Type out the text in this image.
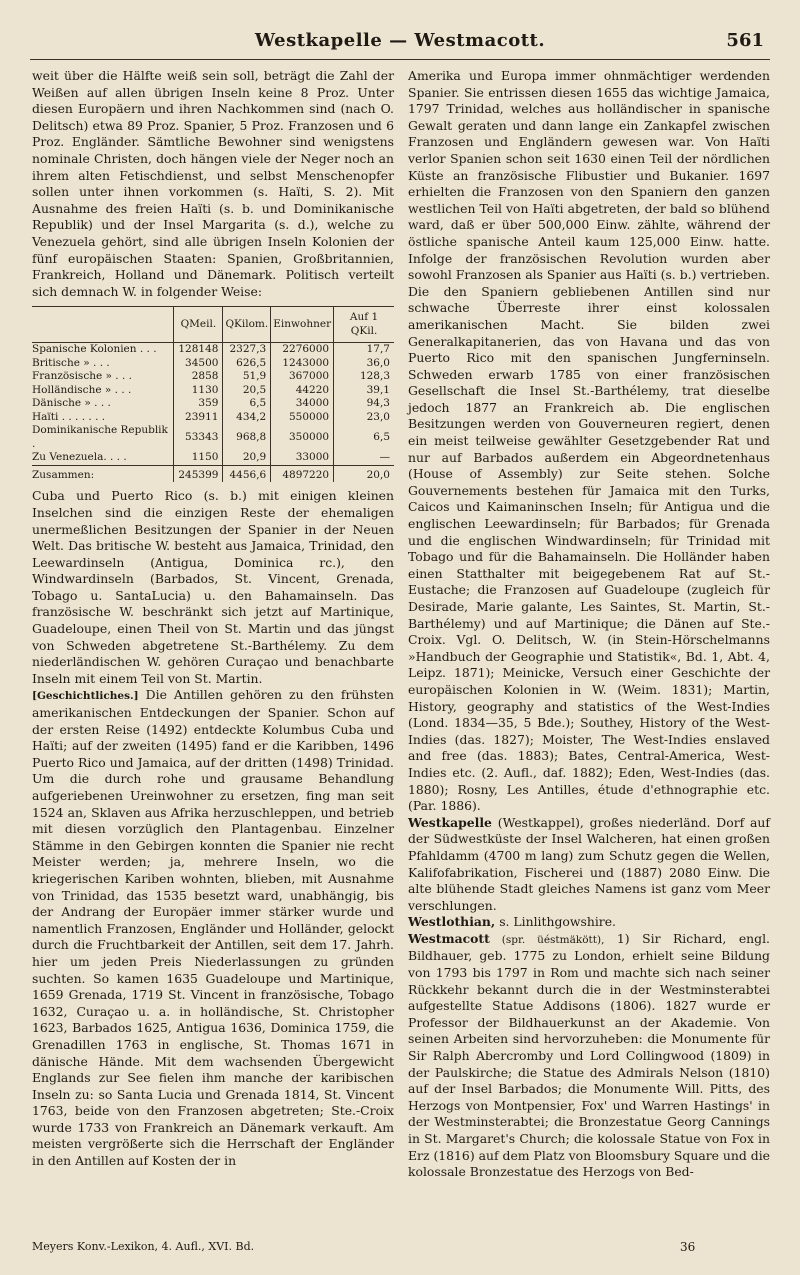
Westkapelle — Westmacott.	561

weit über die Hälfte weiß sein soll, beträgt die Zahl der Weißen auf allen übrigen Inseln keine 8 Proz. Unter diesen Europäern und ihren Nachkommen sind (nach O. Delitsch) etwa 89 Proz. Spanier, 5 Proz. Franzosen und 6 Proz. Engländer. Sämtliche Bewohner sind wenigstens nominale Christen, doch hängen viele der Neger noch an ihrem alten Fetischdienst, und selbst Menschenopfer sollen unter ihnen vorkommen (s. Haïti, S. 2). Mit Ausnahme des freien Haïti (s. b. und Dominikanische Republik) und der Insel Margarita (s. d.), welche zu Venezuela gehört, sind alle übrigen Inseln Kolonien der fünf europäischen Staaten: Spanien, Großbritannien, Frankreich, Holland und Dänemark. Politisch verteilt sich demnach W. in folgender Weise:

	QMeil.	QKilom.	Einwohner	Auf 1 QKil.
Spanische Kolonien . . .	128148	2327,3	2276000	17,7
Britische » . . .	34500	626,5	1243000	36,0
Französische » . . .	2858	51,9	367000	128,3
Holländische » . . .	1130	20,5	44220	39,1
Dänische » . . .	359	6,5	34000	94,3
Haïti . . . . . . .	23911	434,2	550000	23,0
Dominikanische Republik .	53343	968,8	350000	6,5
Zu Venezuela. . . .	1150	20,9	33000	—
Zusammen:	245399	4456,6	4897220	20,0

Cuba und Puerto Rico (s. b.) mit einigen kleinen Inselchen sind die einzigen Reste der ehemaligen unermeßlichen Besitzungen der Spanier in der Neuen Welt. Das britische W. besteht aus Jamaica, Trinidad, den Leewardinseln (Antigua, Dominica rc.), den Windwardinseln (Barbados, St. Vincent, Grenada, Tobago u. SantaLucia) u. den Bahamainseln. Das französische W. beschränkt sich jetzt auf Martinique, Guadeloupe, einen Theil von St. Martin und das jüngst von Schweden abgetretene St.-Barthélemy. Zu dem niederländischen W. gehören Curaçao und benachbarte Inseln mit einem Teil von St. Martin.

[Geschichtliches.] Die Antillen gehören zu den frühsten amerikanischen Entdeckungen der Spanier. Schon auf der ersten Reise (1492) entdeckte Kolumbus Cuba und Haïti; auf der zweiten (1495) fand er die Karibben, 1496 Puerto Rico und Jamaica, auf der dritten (1498) Trinidad. Um die durch rohe und grausame Behandlung aufgeriebenen Ureinwohner zu ersetzen, fing man seit 1524 an, Sklaven aus Afrika herzuschleppen, und betrieb mit diesen vorzüglich den Plantagenbau. Einzelner Stämme in den Gebirgen konnten die Spanier nie recht Meister werden; ja, mehrere Inseln, wo die kriegerischen Kariben wohnten, blieben, mit Ausnahme von Trinidad, das 1535 besetzt ward, unabhängig, bis der Andrang der Europäer immer stärker wurde und namentlich Franzosen, Engländer und Holländer, gelockt durch die Fruchtbarkeit der Antillen, seit dem 17. Jahrh. hier um jeden Preis Niederlassungen zu gründen suchten. So kamen 1635 Guadeloupe und Martinique, 1659 Grenada, 1719 St. Vincent in französische, Tobago 1632, Curaçao u. a. in holländische, St. Christopher 1623, Barbados 1625, Antigua 1636, Dominica 1759, die Grenadillen 1763 in englische, St. Thomas 1671 in dänische Hände. Mit dem wachsenden Übergewicht Englands zur See fielen ihm manche der karibischen Inseln zu: so Santa Lucia und Grenada 1814, St. Vincent 1763, beide von den Franzosen abgetreten; Ste.-Croix wurde 1733 von Frankreich an Dänemark verkauft. Am meisten vergrößerte sich die Herrschaft der Engländer in den Antillen auf Kosten der in

Amerika und Europa immer ohnmächtiger werdenden Spanier. Sie entrissen diesen 1655 das wichtige Jamaica, 1797 Trinidad, welches aus holländischer in spanische Gewalt geraten und dann lange ein Zankapfel zwischen Franzosen und Engländern gewesen war. Von Haïti verlor Spanien schon seit 1630 einen Teil der nördlichen Küste an französische Flibustier und Bukanier. 1697 erhielten die Franzosen von den Spaniern den ganzen westlichen Teil von Haïti abgetreten, der bald so blühend ward, daß er über 500,000 Einw. zählte, während der östliche spanische Anteil kaum 125,000 Einw. hatte. Infolge der französischen Revolution wurden aber sowohl Franzosen als Spanier aus Haïti (s. b.) vertrieben. Die den Spaniern gebliebenen Antillen sind nur schwache Überreste ihrer einst kolossalen amerikanischen Macht. Sie bilden zwei Generalkapitanerien, das von Havana und das von Puerto Rico mit den spanischen Jungferninseln. Schweden erwarb 1785 von einer französischen Gesellschaft die Insel St.-Barthélemy, trat dieselbe jedoch 1877 an Frankreich ab. Die englischen Besitzungen werden von Gouverneuren regiert, denen ein meist teilweise gewählter Gesetzgebender Rat und nur auf Barbados außerdem ein Abgeordnetenhaus (House of Assembly) zur Seite stehen. Solche Gouvernements bestehen für Jamaica mit den Turks, Caicos und Kaimaninschen Inseln; für Antigua und die englischen Leewardinseln; für Barbados; für Grenada und die englischen Windwardinseln; für Trinidad mit Tobago und für die Bahamainseln. Die Holländer haben einen Statthalter mit beigegebenem Rat auf St.-Eustache; die Franzosen auf Guadeloupe (zugleich für Desirade, Marie galante, Les Saintes, St. Martin, St.-Barthélemy) und auf Martinique; die Dänen auf Ste.-Croix. Vgl. O. Delitsch, W. (in Stein-Hörschelmanns »Handbuch der Geographie und Statistik«, Bd. 1, Abt. 4, Leipz. 1871); Meinicke, Versuch einer Geschichte der europäischen Kolonien in W. (Weim. 1831); Martin, History, geography and statistics of the West-Indies (Lond. 1834—35, 5 Bde.); Southey, History of the West-Indies (das. 1827); Moister, The West-Indies enslaved and free (das. 1883); Bates, Central-America, West-Indies etc. (2. Aufl., daf. 1882); Eden, West-Indies (das. 1880); Rosny, Les Antilles, étude d'ethnographie etc. (Par. 1886).

Westkapelle (Westkappel), großes niederländ. Dorf auf der Südwestküste der Insel Walcheren, hat einen großen Pfahldamm (4700 m lang) zum Schutz gegen die Wellen, Kalifofabrikation, Fischerei und (1887) 2080 Einw. Die alte blühende Stadt gleiches Namens ist ganz vom Meer verschlungen.

Westlothian, s. Linlithgowshire.

Westmacott (spr. üéstmäkött), 1) Sir Richard, engl. Bildhauer, geb. 1775 zu London, erhielt seine Bildung von 1793 bis 1797 in Rom und machte sich nach seiner Rückkehr bekannt durch die in der Westminsterabtei aufgestellte Statue Addisons (1806). 1827 wurde er Professor der Bildhauerkunst an der Akademie. Von seinen Arbeiten sind hervorzuheben: die Monumente für Sir Ralph Abercromby und Lord Collingwood (1809) in der Paulskirche; die Statue des Admirals Nelson (1810) auf der Insel Barbados; die Monumente Will. Pitts, des Herzogs von Montpensier, Fox' und Warren Hastings' in der Westminsterabtei; die Bronzestatue Georg Cannings in St. Margaret's Church; die kolossale Statue von Fox in Erz (1816) auf dem Platz von Bloomsbury Square und die kolossale Bronzestatue des Herzogs von Bed-

Meyers Konv.-Lexikon, 4. Aufl., XVI. Bd.	36
